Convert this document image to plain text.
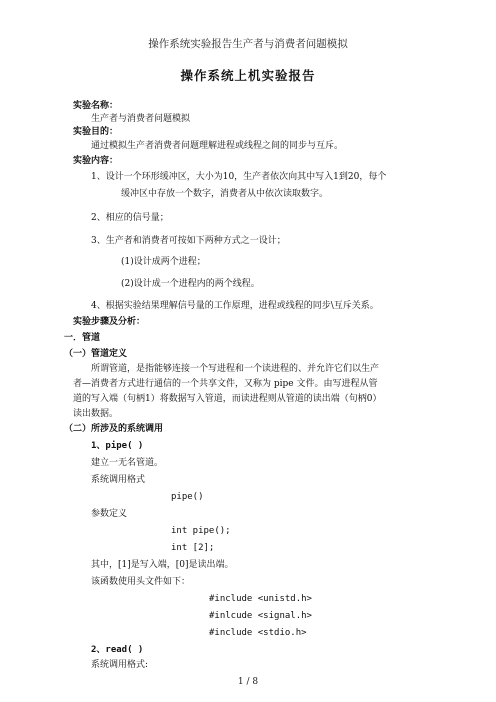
操作系统实验报告生产者与消费者问题模拟
操作系统上机实验报告
实验名称：
生产者与消费者问题模拟
实验目的：
通过模拟生产者消费者问题理解进程或线程之间的同步与互斥。
实验内容：
1、设计一个环形缓冲区，大小为10，生产者依次向其中写入1到20，每个
缓冲区中存放一个数字，消费者从中依次读取数字。
2、相应的信号量；
3、生产者和消费者可按如下两种方式之一设计；
(1)设计成两个进程；
(2)设计成一个进程内的两个线程。
4、根据实验结果理解信号量的工作原理，进程或线程的同步\互斥关系。
实验步骤及分析：
一．管道
（一）管道定义
所谓管道，是指能够连接一个写进程和一个读进程的、并允许它们以生产
者—消费者方式进行通信的一个共享文件，又称为 pipe 文件。由写进程从管
道的写入端（句柄1）将数据写入管道，而读进程则从管道的读出端（句柄0）
读出数据。
（二）所涉及的系统调用
1、pipe( )
建立一无名管道。
系统调用格式
pipe()
参数定义
int pipe();
int [2];
其中，[1]是写入端，[0]是读出端。
该函数使用头文件如下：
#include <unistd.h>
#inlcude <signal.h>
#include <stdio.h>
2、read( )
系统调用格式:
1 / 8
